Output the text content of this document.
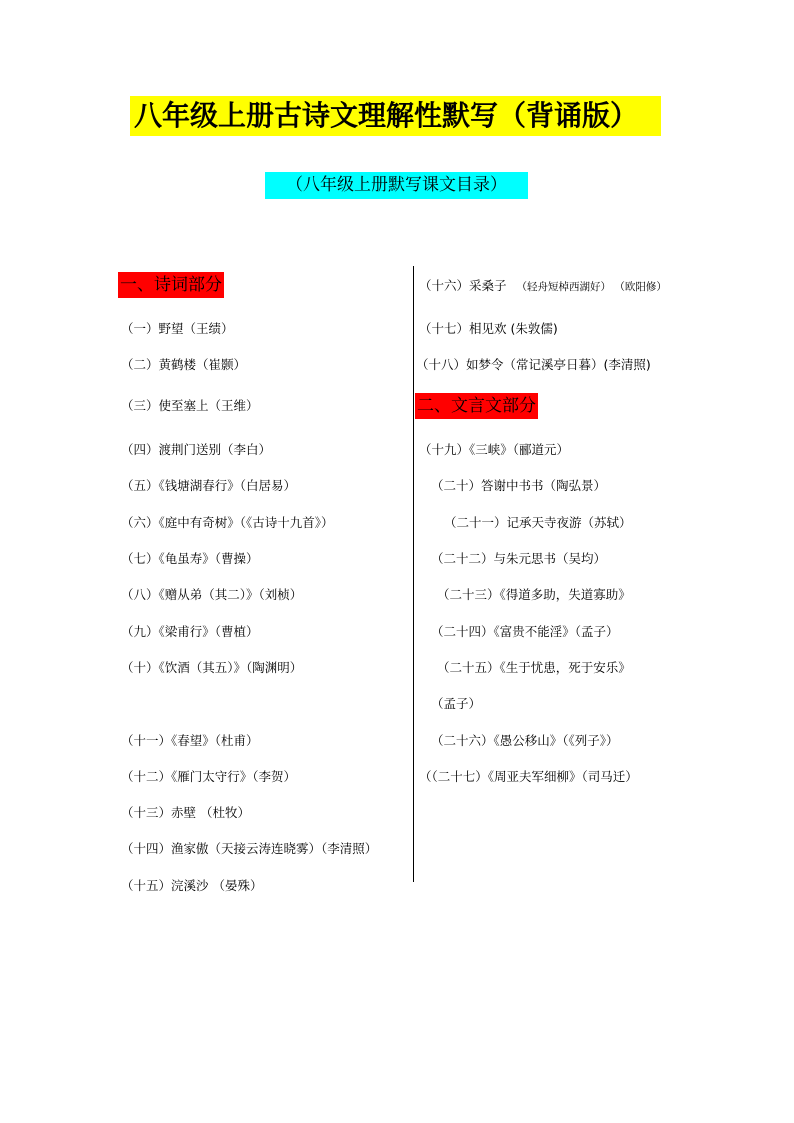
八年级上册古诗文理解性默写（背诵版）
（八年级上册默写课文目录）
一、诗词部分
（一）野望（王绩）
（二）黄鹤楼（崔颢）
（三）使至塞上（王维）
（四）渡荆门送别（李白）
（五）《钱塘湖春行》（白居易）
（六）《庭中有奇树》（《古诗十九首》）
（七）《龟虽寿》（曹操）
（八）《赠从弟（其二）》（刘桢）
（九）《梁甫行》（曹植）
（十）《饮酒（其五）》（陶渊明）
（十一）《春望》（杜甫）
（十二）《雁门太守行》（李贺）
（十三）赤壁 （杜牧）
（十四）渔家傲（天接云涛连晓雾）（李清照）
（十五）浣溪沙 （晏殊）
（十六）采桑子 （轻舟短棹西湖好） （欧阳修）
（十七）相见欢 (朱敦儒)
（十八）如梦令（常记溪亭日暮）(李清照)
二、文言文部分
（十九）《三峡》（郦道元）
（二十）答谢中书书（陶弘景）
（二十一）记承天寺夜游（苏轼）
（二十二）与朱元思书（吴均）
（二十三）《得道多助，失道寡助》
（二十四）《富贵不能淫》（孟子）
（二十五）《生于忧患，死于安乐》
（孟子）
（二十六）《愚公移山》（《列子》）
（（二十七）《周亚夫军细柳》（司马迁）
